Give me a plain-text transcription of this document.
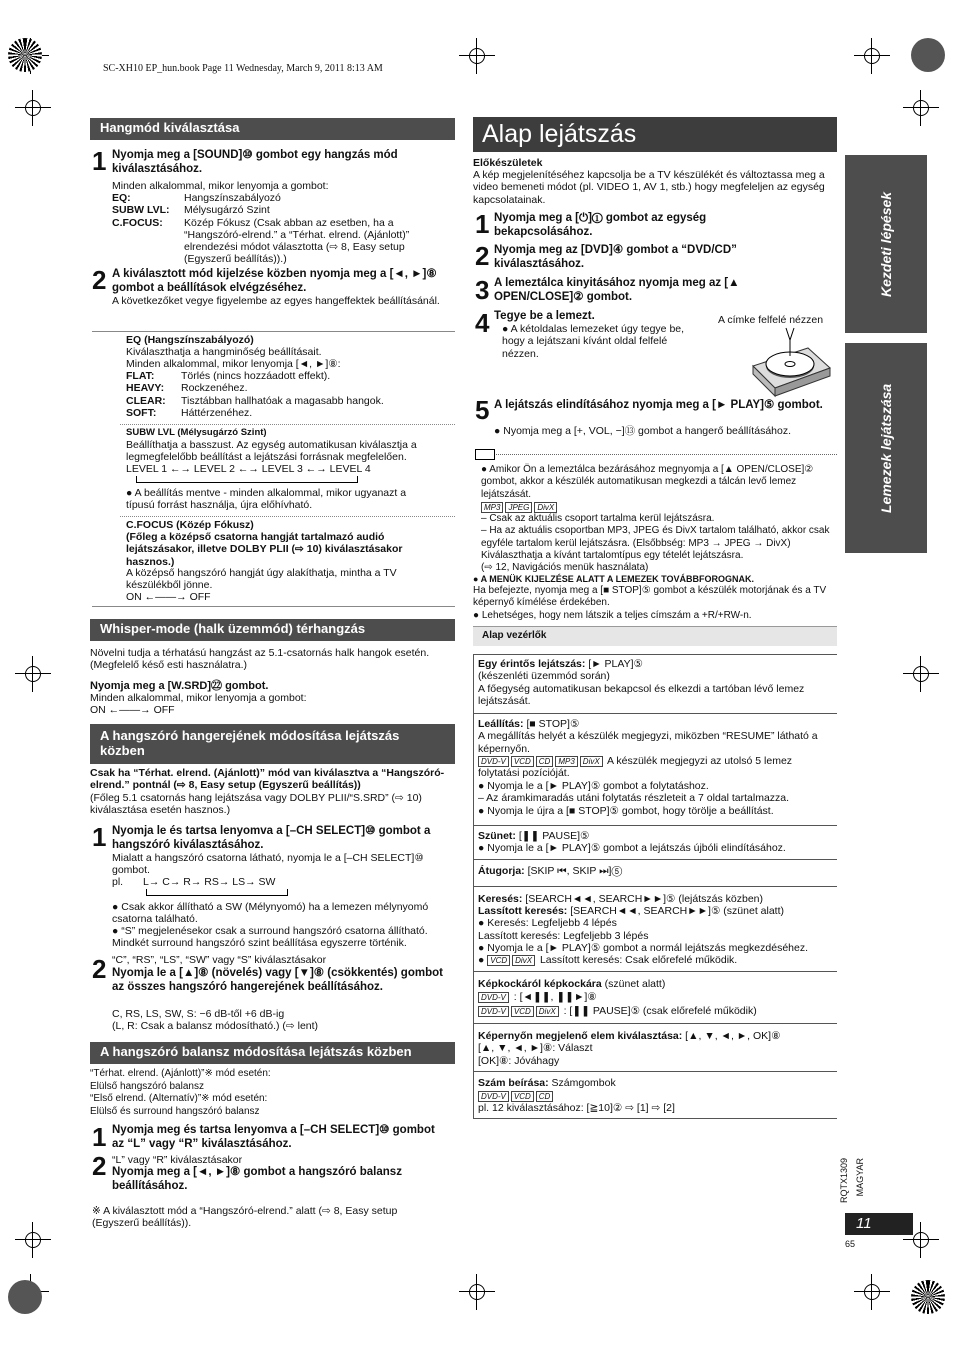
SC-XH10 EP_hun.book Page 11 Wednesday, March 9, 2011 8:13 AM
Hangmód kiválasztása
1 Nyomja meg a [SOUND]⑩ gombot egy hangzás mód kiválasztásához.
Minden alkalommal, mikor lenyomja a gombot:
EQ:	Hangszínszabályozó
SUBW LVL:	Mélysugárzó Szint
C.FOCUS:	Közép Fókusz (Csak abban az esetben, ha a “Hangszóró-elrend.” a “Térhat. elrend. (Ajánlott)” elrendezési módot választotta (⇨ 8, Easy setup (Egyszerű beállítás)).)
2 A kiválasztott mód kijelzése közben nyomja meg a [◄, ►]⑧ gombot a beállítások elvégzéséhez.
A következőket vegye figyelembe az egyes hangeffektek beállításánál.
EQ (Hangszínszabályozó)
Kiválaszthatja a hangminőség beállításait.
Minden alkalommal, mikor lenyomja [◄, ►]⑧:
FLAT:	Törlés (nincs hozzáadott effekt).
HEAVY:	Rockzenéhez.
CLEAR:	Tisztábban hallhatóak a magasabb hangok.
SOFT:	Háttérzenéhez.
SUBW LVL (Mélysugárzó Szint)
Beállíthatja a basszust. Az egység automatikusan kiválasztja a legmegfelelőbb beállítást a lejátszási forrásnak megfelelően.
LEVEL 1 ←→ LEVEL 2 ←→ LEVEL 3 ←→ LEVEL 4
● A beállítás mentve - minden alkalommal, mikor ugyanazt a típusú forrást használja, újra előhívható.
C.FOCUS (Közép Fókusz)
(Főleg a középső csatorna hangját tartalmazó audió lejátszásakor, illetve DOLBY PLII (⇨ 10) kiválasztásakor hasznos.)
A középső hangszóró hangját úgy alakíthatja, mintha a TV készülékből jönne.
ON ←——→ OFF
Whisper-mode (halk üzemmód) térhangzás
Növelni tudja a térhatású hangzást az 5.1-csatornás halk hangok esetén. (Megfelelő késő esti használatra.)
Nyomja meg a [W.SRD]㉒ gombot.
Minden alkalommal, mikor lenyomja a gombot:
ON ←——→ OFF
A hangszóró hangerejének módosítása lejátszás közben
Csak ha “Térhat. elrend. (Ajánlott)” mód van kiválasztva a “Hangszóró-elrend.” pontnál (⇨ 8, Easy setup (Egyszerű beállítás))
(Főleg 5.1 csatornás hang lejátszása vagy DOLBY PLII/“S.SRD” (⇨ 10) kiválasztása esetén hasznos.)
1 Nyomja le és tartsa lenyomva a [–CH SELECT]⑩ gombot a hangszóró kiválasztásához.
Mialatt a hangszóró csatorna látható, nyomja le a [–CH SELECT]⑩ gombot.
pl. L→ C→ R→ RS→ LS→ SW
● Csak akkor állítható a SW (Mélynyomó) ha a lemezen mélynyomó csatorna található.
● “S” megjelenésekor csak a surround hangszóró csatorna állítható. Mindkét surround hangszóró szint beállítása egyszerre történik.
2 “C”, “RS”, “LS”, “SW” vagy “S” kiválasztásakor
Nyomja le a [▲]⑧ (növelés) vagy [▼]⑧ (csökkentés) gombot az összes hangszóró hangerejének beállításához.
C, RS, LS, SW, S: −6 dB-től +6 dB-ig
(L, R: Csak a balansz módosítható.) (⇨ lent)
A hangszóró balansz módosítása lejátszás közben
“Térhat. elrend. (Ajánlott)”※ mód esetén:
Elülső hangszóró balansz
“Első elrend. (Alternatív)”※ mód esetén:
Elülső és surround hangszóró balansz
1 Nyomja meg és tartsa lenyomva a [–CH SELECT]⑩ gombot az “L” vagy “R” kiválasztásához.
2 “L” vagy “R” kiválasztásakor
Nyomja meg a [◄, ►]⑧ gombot a hangszóró balansz beállításához.
※ A kiválasztott mód a “Hangszóró-elrend.” alatt (⇨ 8, Easy setup (Egyszerű beállítás)).
Alap lejátszás
Előkészületek
A kép megjelenítéséhez kapcsolja be a TV készülékét és változtassa meg a video bemeneti módot (pl. VIDEO 1, AV 1, stb.) hogy megfeleljen az egység kapcsolatainak.
1 Nyomja meg a [⏻]① gombot az egység bekapcsolásához.
2 Nyomja meg az [DVD]④ gombot a “DVD/CD” kiválasztásához.
3 A lemeztálca kinyitásához nyomja meg az [▲ OPEN/CLOSE]② gombot.
4 Tegye be a lemezt.
● A kétoldalas lemezeket úgy tegye be, hogy a lejátszani kívánt oldal felfelé nézzen.
A címke felfelé nézzen
5 A lejátszás elindításához nyomja meg a [► PLAY]⑤ gombot.
● Nyomja meg a [+, VOL, −]⑬ gombot a hangerő beállításához.
● Amikor Ön a lemeztálca bezárásához megnyomja a [▲ OPEN/CLOSE]② gombot, akkor a készülék automatikusan megkezdi a tálcán levő lemez lejátszását.
MP3 JPEG DivX
– Csak az aktuális csoport tartalma kerül lejátszásra.
– Ha az aktuális csoportban MP3, JPEG és DivX tartalom található, akkor csak egyféle tartalom kerül lejátszásra. (Elsőbbség: MP3 → JPEG → DivX)
Kiválaszthatja a kívánt tartalomtípus egy tételét lejátszásra.
(⇨ 12, Navigációs menük használata)
● A MENÜK KIJELZÉSE ALATT A LEMEZEK TOVÁBBFOROGNAK.
Ha befejezte, nyomja meg a [■ STOP]⑤ gombot a készülék motorjának és a TV képernyő kímélése érdekében.
● Lehetséges, hogy nem látszik a teljes címszám a +R/+RW-n.
Alap vezérlők
Egy érintős lejátszás: [► PLAY]⑤
(készenléti üzemmód során)
A főegység automatikusan bekapcsol és elkezdi a tartóban lévő lemez lejátszását.
Leállítás: [■ STOP]⑤
A megállítás helyét a készülék megjegyzi, miközben “RESUME” látható a képernyőn.
DVD-V VCD CD MP3 DivX A készülék megjegyzi az utolsó 5 lemez folytatási pozícióját.
● Nyomja le a [► PLAY]⑤ gombot a folytatáshoz.
– Az áramkimaradás utáni folytatás részleteit a 7 oldal tartalmazza.
● Nyomja le újra a [■ STOP]⑤ gombot, hogy törölje a beállítást.
Szünet: [❚❚ PAUSE]⑤
● Nyomja le a [► PLAY]⑤ gombot a lejátszás újbóli elindításához.
Átugorja: [SKIP ⏮, SKIP ⏭]⑤
Keresés: [SEARCH◄◄, SEARCH►►]⑤ (lejátszás közben)
Lassított keresés: [SEARCH◄◄, SEARCH►►]⑤ (szünet alatt)
● Keresés: Legfeljebb 4 lépés
Lassított keresés: Legfeljebb 3 lépés
● Nyomja le a [► PLAY]⑤ gombot a normál lejátszás megkezdéséhez.
● VCD DivX Lassított keresés: Csak előrefelé működik.
Képkockáról képkockára (szünet alatt)
DVD-V : [◄❚❚, ❚❚►]⑧
DVD-V VCD DivX : [❚❚ PAUSE]⑤ (csak előrefelé működik)
Képernyőn megjelenő elem kiválasztása: [▲, ▼, ◄, ►, OK]⑧
[▲, ▼, ◄, ►]⑧: Választ
[OK]⑧: Jóváhagy
Szám beírása: Számgombok
DVD-V VCD CD
pl. 12 kiválasztásához: [≧10]② ⇨ [1] ⇨ [2]
Kezdeti lépések
Lemezek lejátszása
RQTX1309 MAGYAR
11
65
